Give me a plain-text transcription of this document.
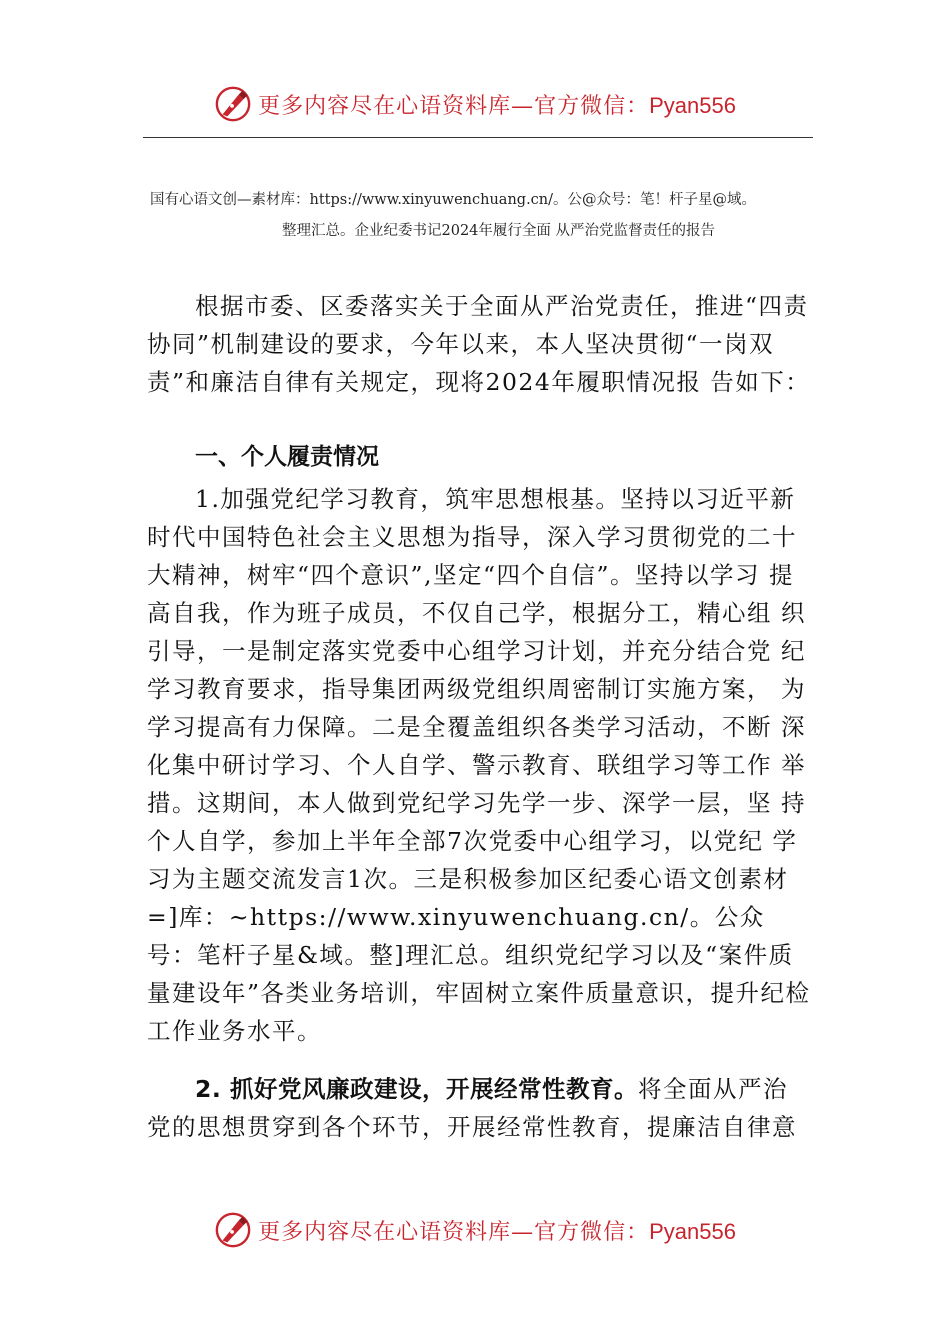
更多内容尽在心语资料库—官方微信：Pyan556
国有心语文创—素材库：https://www.xinyuwenchuang.cn/。公@众号：笔！杆子星@域。
整理汇总。企业纪委书记2024年履行全面 从严治党监督责任的报告
根据市委、区委落实关于全面从严治党责任，推进“四责协同”机制建设的要求，今年以来，本人坚决贯彻“一岗双责”和廉洁自律有关规定，现将2024年履职情况报 告如下：
一、个人履责情况
1.加强党纪学习教育，筑牢思想根基。坚持以习近平新时代中国特色社会主义思想为指导，深入学习贯彻党的二十大精神，树牢“四个意识”,坚定“四个自信”。坚持以学习 提高自我，作为班子成员，不仅自己学，根据分工，精心组 织引导，一是制定落实党委中心组学习计划，并充分结合党 纪学习教育要求，指导集团两级党组织周密制订实施方案， 为学习提高有力保障。二是全覆盖组织各类学习活动，不断 深化集中研讨学习、个人自学、警示教育、联组学习等工作 举措。这期间，本人做到党纪学习先学一步、深学一层，坚 持个人自学，参加上半年全部7次党委中心组学习，以党纪 学习为主题交流发言1次。三是积极参加区纪委心语文创素材=]库：~https://www.xinyuwenchuang.cn/。公众号：笔杆子星&域。整]理汇总。组织党纪学习以及“案件质量建设年”各类业务培训，牢固树立案件质量意识，提升纪检工作业务水平。
2. 抓好党风廉政建设，开展经常性教育。将全面从严治 党的思想贯穿到各个环节，开展经常性教育，提廉洁自律意
更多内容尽在心语资料库—官方微信：Pyan556
